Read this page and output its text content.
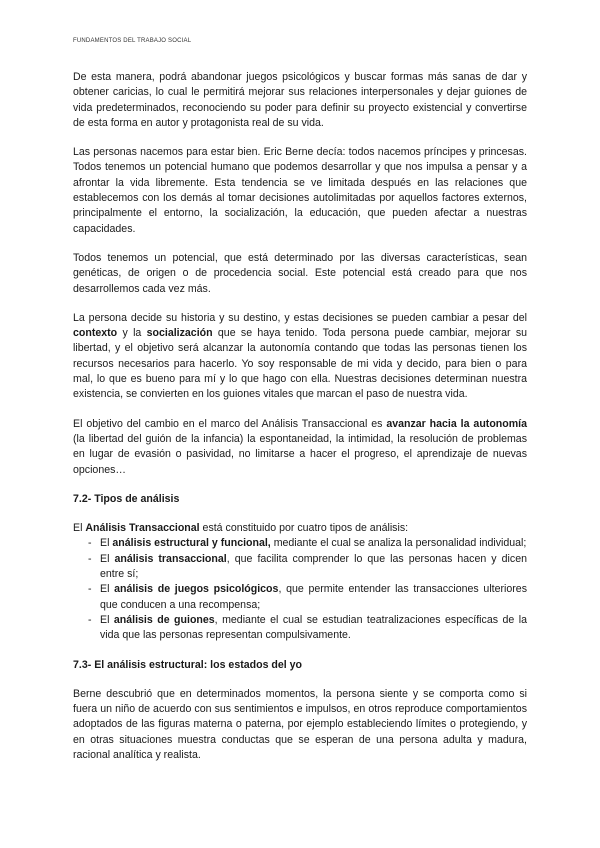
FUNDAMENTOS DEL TRABAJO SOCIAL

De esta manera, podrá abandonar juegos psicológicos y buscar formas más sanas de dar y obtener caricias, lo cual le permitirá mejorar sus relaciones interpersonales y dejar guiones de vida predeterminados, reconociendo su poder para definir su proyecto existencial y convertirse de esta forma en autor y protagonista real de su vida.

Las personas nacemos para estar bien. Eric Berne decía: todos nacemos príncipes y princesas. Todos tenemos un potencial humano que podemos desarrollar y que nos impulsa a pensar y a afrontar la vida libremente. Esta tendencia se ve limitada después en las relaciones que establecemos con los demás al tomar decisiones autolimitadas por aquellos factores externos, principalmente el entorno, la socialización, la educación, que pueden afectar a nuestras capacidades.

Todos tenemos un potencial, que está determinado por las diversas características, sean genéticas, de origen o de procedencia social. Este potencial está creado para que nos desarrollemos cada vez más.

La persona decide su historia y su destino, y estas decisiones se pueden cambiar a pesar del contexto y la socialización que se haya tenido. Toda persona puede cambiar, mejorar su libertad, y el objetivo será alcanzar la autonomía contando que todas las personas tienen los recursos necesarios para hacerlo. Yo soy responsable de mi vida y decido, para bien o para mal, lo que es bueno para mí y lo que hago con ella. Nuestras decisiones determinan nuestra existencia, se convierten en los guiones vitales que marcan el paso de nuestra vida.

El objetivo del cambio en el marco del Análisis Transaccional es avanzar hacia la autonomía (la libertad del guión de la infancia) la espontaneidad, la intimidad, la resolución de problemas en lugar de evasión o pasividad, no limitarse a hacer el progreso, el aprendizaje de nuevas opciones…

7.2- Tipos de análisis

El Análisis Transaccional está constituido por cuatro tipos de análisis:

- El análisis estructural y funcional, mediante el cual se analiza la personalidad individual;
- El análisis transaccional, que facilita comprender lo que las personas hacen y dicen entre sí;
- El análisis de juegos psicológicos, que permite entender las transacciones ulteriores que conducen a una recompensa;
- El análisis de guiones, mediante el cual se estudian teatralizaciones específicas de la vida que las personas representan compulsivamente.
7.3- El análisis estructural: los estados del yo

Berne descubrió que en determinados momentos, la persona siente y se comporta como si fuera un niño de acuerdo con sus sentimientos e impulsos, en otros reproduce comportamientos adoptados de las figuras materna o paterna, por ejemplo estableciendo límites o protegiendo, y en otras situaciones muestra conductas que se esperan de una persona adulta y madura, racional analítica y realista.
